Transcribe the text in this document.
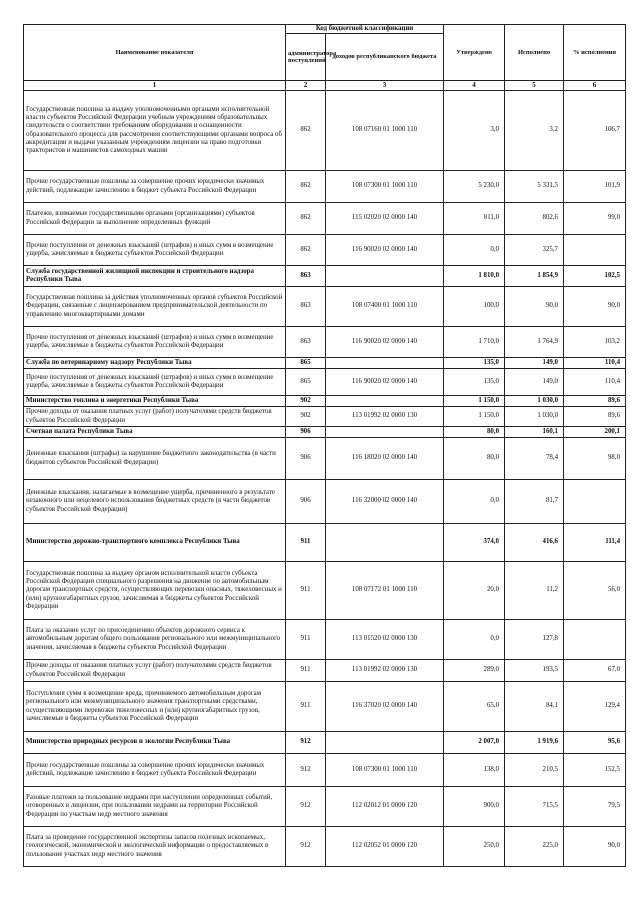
Наименование показателя	Код бюджетной классификации		Утверждено	Исполнено	% исполнения
	администратора поступлений	доходов республиканского бюджета			
1	2	3	4	5	6
Государственная пошлина за выдачу уполномоченными органами исполнительной власти субъектов Российской Федерации учебным учреждениям образовательных свидетельств о соответствии требованиям оборудования и оснащенности образовательного процесса для рассмотрения соответствующими органами вопроса об аккредитации и выдачи указанным учреждениям лицензии на право подготовки трактористов и машинистов самоходных машин	862	108 07160 01 1000 110	3,0	3,2	106,7
Прочие государственные пошлины за совершение прочих юридически значимых действий, подлежащие зачислению в бюджет субъекта Российской Федерации	862	108 07300 01 1000 110	5 230,0	5 331,5	101,9
Платежи, взимаемые государственными органами (организациями) субъектов Российской Федерации за выполнение определенных функций	862	115 02020 02 0000 140	811,0	802,6	99,0
Прочие поступления от денежных взысканий (штрафов) и иных сумм в возмещение ущерба, зачисляемые в бюджеты субъектов Российской Федерации	862	116 90020 02 0000 140	0,0	325,7	
Служба государственной жилищной инспекции и строительного надзора Республики Тыва	863		1 810,0	1 854,9	102,5
Государственная пошлина за действия уполномоченных органов субъектов Российской Федерации, связанные с лицензированием предпринимательской деятельности по управлению многоквартирными домами	863	108 07400 01 1000 110	100,0	90,0	90,0
Прочие поступления от денежных взысканий (штрафов) и иных сумм в возмещение ущерба, зачисляемые в бюджеты субъектов Российской Федерации	863	116 90020 02 0000 140	1 710,0	1 764,9	103,2
Служба по ветеринарному надзору Республики Тыва	865		135,0	149,0	110,4
Прочие поступления от денежных взысканий (штрафов) и иных сумм в возмещение ущерба, зачисляемые в бюджеты субъектов Российской Федерации	865	116 90020 02 0000 140	135,0	149,0	110,4
Министерство топлива и энергетики Республики Тыва	902		1 150,0	1 030,0	89,6
Прочие доходы от оказания платных услуг (работ) получателями средств бюджетов субъектов Российской Федерации	902	113 01992 02 0000 130	1 150,0	1 030,0	89,6
Счетная палата Республики Тыва	906		80,0	160,1	200,1
Денежные взыскания (штрафы) за нарушение бюджетного законодательства (в части бюджетов субъектов Российской Федерации)	906	116 18020 02 0000 140	80,0	78,4	98,0
Денежные взыскания, налагаемые в возмещение ущерба, причиненного в результате незаконного или нецелевого использования бюджетных средств (в части бюджетов субъектов Российской Федерации)	906	116 32000 02 0000 140	0,0	81,7	
Министерство дорожно-транспортного комплекса Республики Тыва	911		374,0	416,6	111,4
Государственная пошлина за выдачу органом исполнительной власти субъекта Российской Федерации специального разрешения на движение по автомобильным дорогам транспортных средств, осуществляющих перевозки опасных, тяжеловесных и (или) крупногабаритных грузов, зачисляемая в бюджеты субъектов Российской Федерации	911	108 07172 01 1000 110	20,0	11,2	56,0
Плата за оказание услуг по присоединению объектов дорожного сервиса к автомобильным дорогам общего пользования регионального или межмуниципального значения, зачисляемая в бюджеты субъектов Российской Федерации	911	113 01520 02 0000 130	0,0	127,8	
Прочие доходы от оказания платных услуг (работ) получателями средств бюджетов субъектов Российской Федерации	911	113 01992 02 0000 130	289,0	193,5	67,0
Поступления сумм в возмещение вреда, причиняемого автомобильным дорогам регионального или межмуниципального значения транспортными средствами, осуществляющими перевозки тяжеловесных и (или) крупногабаритных грузов, зачисляемые в бюджеты субъектов Российской Федерации	911	116 37020 02 0000 140	65,0	84,1	129,4
Министерство природных ресурсов и экологии Республики Тыва	912		2 007,0	1 919,6	95,6
Прочие государственные пошлины за совершение прочих юридически значимых действий, подлежащие зачислению в бюджет субъекта Российской Федерации	912	108 07300 01 1000 110	138,0	210,5	152,5
Разовые платежи за пользование недрами при наступлении определенных событий, оговоренных в лицензии, при пользовании недрами на территории Российской Федерации по участкам недр местного значения	912	112 02012 01 0000 120	900,0	715,5	79,5
Плата за проведение государственной экспертизы запасов полезных ископаемых, геологической, экономической и экологической информации о предоставляемых в пользование участках недр местного значения	912	112 02052 01 0000 120	250,0	225,0	90,0
